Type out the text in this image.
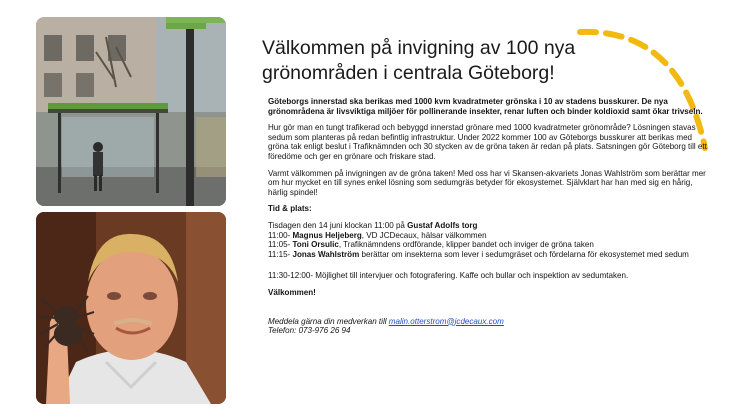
Välkommen på invigning av 100 nya grönområden i centrala Göteborg!

Göteborgs innerstad ska berikas med 1000 kvm kvadratmeter grönska i 10 av stadens busskurer. De nya grönområdena är livsviktiga miljöer för pollinerande insekter, renar luften och binder koldioxid samt ökar trivseln.

Hur gör man en tungt trafikerad och bebyggd innerstad grönare med 1000 kvadratmeter grönområde? Lösningen stavas sedum som planteras på redan befintlig infrastruktur. Under 2022 kommer 100 av Göteborgs busskurer att berikas med gröna tak enligt beslut i Trafiknämnden och 30 stycken av de gröna taken är redan på plats. Satsningen gör Göteborg till ett föredöme och ger en grönare och friskare stad.

Varmt välkommen på invigningen av de gröna taken! Med oss har vi Skansen-akvariets Jonas Wahlström som berättar mer om hur mycket en till synes enkel lösning som sedumgräs betyder för ekosystemet. Självklart har han med sig en hårig, härlig spindel!

Tid & plats:

Tisdagen den 14 juni klockan 11:00 på Gustaf Adolfs torg
11:00- Magnus Heljeberg, VD JCDecaux, hälsar välkommen
11:05- Toni Orsulic, Trafiknämndens ordförande, klipper bandet och inviger de gröna taken
11:15- Jonas Wahlström berättar om insekterna som lever i sedumgräset och fördelarna för ekosystemet med sedum

11:30-12:00- Möjlighet till intervjuer och fotografering. Kaffe och bullar och inspektion av sedumtaken.

Välkommen!

Meddela gärna din medverkan till malin.otterstrom@jcdecaux.com
Telefon: 073-976 26 94
